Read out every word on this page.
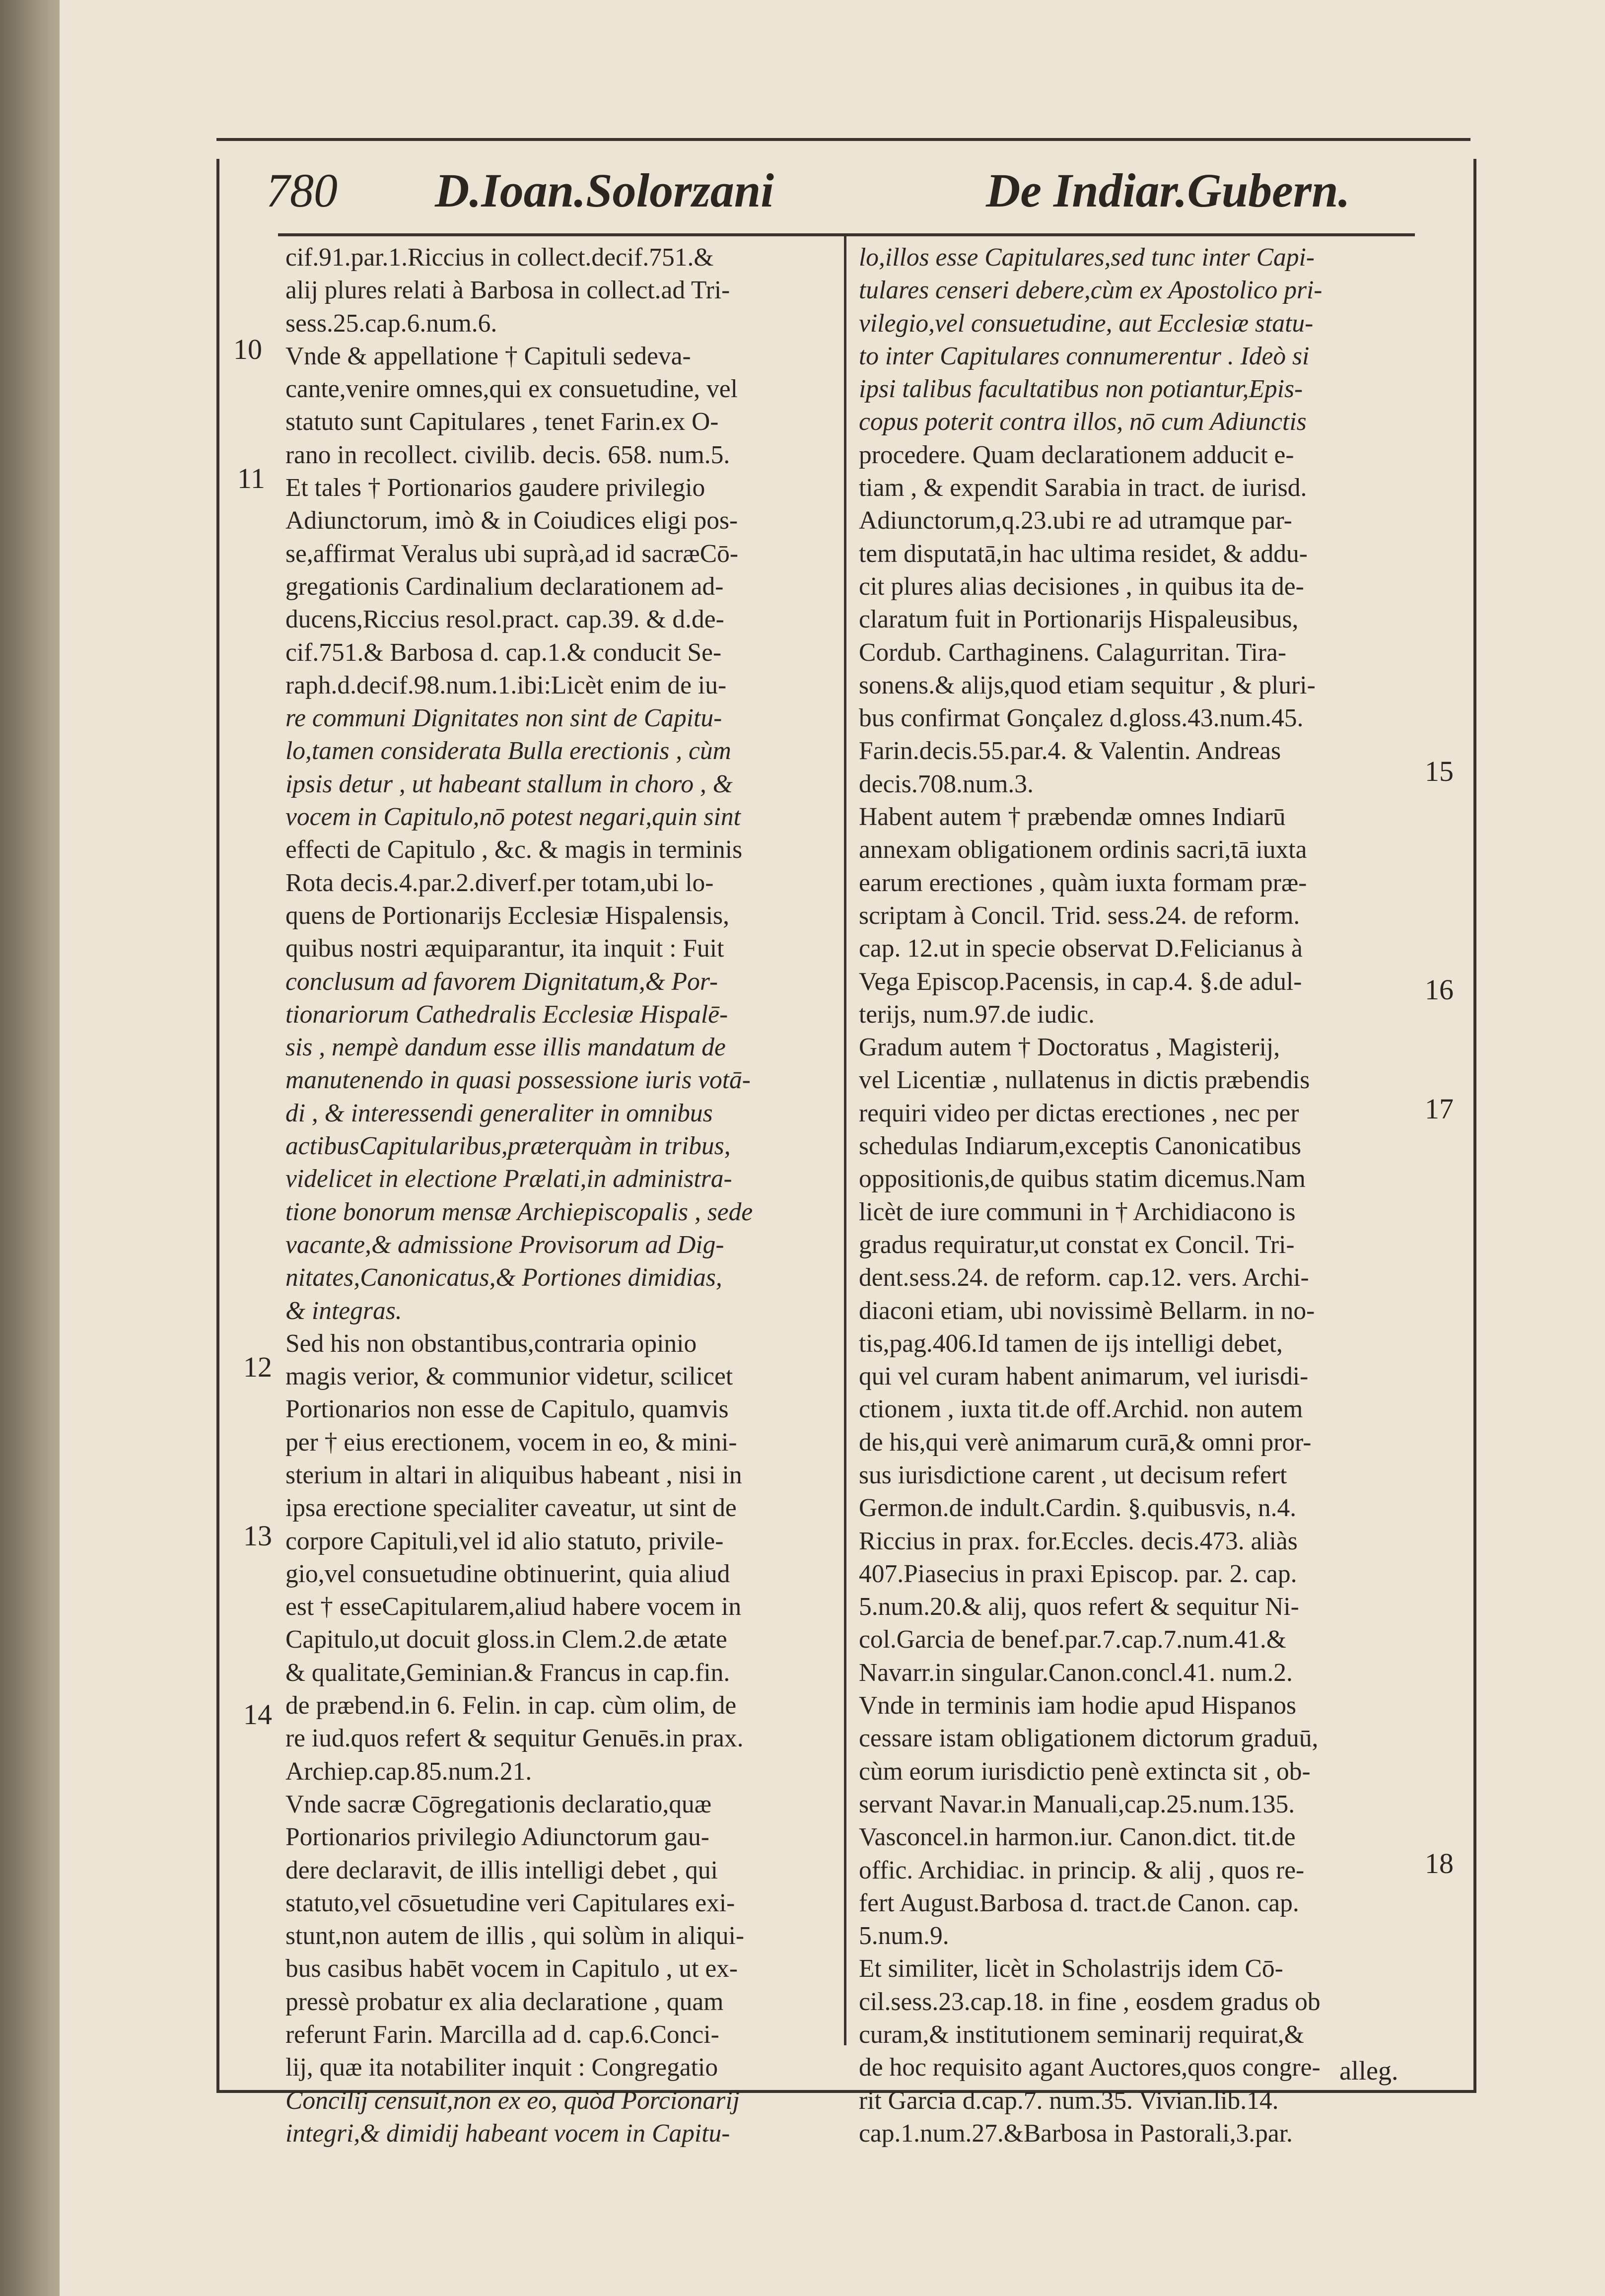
780 D.Ioan.Solorzani	De Indiar.Gubern.
cif.91.par.1.Riccius in collect.decif.751.&
alij plures relati à Barbosa in collect.ad Tri-
sess.25.cap.6.num.6.
Vnde & appellatione † Capituli sedeva-
cante,venire omnes,qui ex consuetudine, vel
statuto sunt Capitulares , tenet Farin.ex O-
rano in recollect. civilib. decis. 658. num.5.
Et tales † Portionarios gaudere privilegio
Adiunctorum, imò & in Coiudices eligi pos-
se,affirmat Veralus ubi suprà,ad id sacræCō-
gregationis Cardinalium declarationem ad-
ducens,Riccius resol.pract. cap.39. & d.de-
cif.751.& Barbosa d. cap.1.& conducit Se-
raph.d.decif.98.num.1.ibi:Licèt enim de iu-
re communi Dignitates non sint de Capitu-
lo,tamen considerata Bulla erectionis , cùm
ipsis detur , ut habeant stallum in choro , &
vocem in Capitulo,nō potest negari,quin sint
effecti de Capitulo , &c. & magis in terminis
Rota decis.4.par.2.diverf.per totam,ubi lo-
quens de Portionarijs Ecclesiæ Hispalensis,
quibus nostri æquiparantur, ita inquit : Fuit
conclusum ad favorem Dignitatum,& Por-
tionariorum Cathedralis Ecclesiæ Hispalē-
sis , nempè dandum esse illis mandatum de
manutenendo in quasi possessione iuris votā-
di , & interessendi generaliter in omnibus
actibusCapitularibus,præterquàm in tribus,
videlicet in electione Prælati,in administra-
tione bonorum mensæ Archiepiscopalis , sede
vacante,& admissione Provisorum ad Dig-
nitates,Canonicatus,& Portiones dimidias,
& integras.
Sed his non obstantibus,contraria opinio
magis verior, & communior videtur, scilicet
Portionarios non esse de Capitulo, quamvis
per † eius erectionem, vocem in eo, & mini-
sterium in altari in aliquibus habeant , nisi in
ipsa erectione specialiter caveatur, ut sint de
corpore Capituli,vel id alio statuto, privile-
gio,vel consuetudine obtinuerint, quia aliud
est † esseCapitularem,aliud habere vocem in
Capitulo,ut docuit gloss.in Clem.2.de ætate
& qualitate,Geminian.& Francus in cap.fin.
de præbend.in 6. Felin. in cap. cùm olim, de
re iud.quos refert & sequitur Genuēs.in prax.
Archiep.cap.85.num.21.
Vnde sacræ Cōgregationis declaratio,quæ
Portionarios privilegio Adiunctorum gau-
dere declaravit, de illis intelligi debet , qui
statuto,vel cōsuetudine veri Capitulares exi-
stunt,non autem de illis , qui solùm in aliqui-
bus casibus habēt vocem in Capitulo , ut ex-
pressè probatur ex alia declaratione , quam
referunt Farin. Marcilla ad d. cap.6.Conci-
lij, quæ ita notabiliter inquit : Congregatio
Concilij censuit,non ex eo, quòd Porcionarij
integri,& dimidij habeant vocem in Capitu-
lo,illos esse Capitulares,sed tunc inter Capi-
tulares censeri debere,cùm ex Apostolico pri-
vilegio,vel consuetudine, aut Ecclesiæ statu-
to inter Capitulares connumerentur . Ideò si
ipsi talibus facultatibus non potiantur,Epis-
copus poterit contra illos, nō cum Adiunctis
procedere. Quam declarationem adducit e-
tiam , & expendit Sarabia in tract. de iurisd.
Adiunctorum,q.23.ubi re ad utramque par-
tem disputatā,in hac ultima residet, & addu-
cit plures alias decisiones , in quibus ita de-
claratum fuit in Portionarijs Hispaleusibus,
Cordub. Carthaginens. Calagurritan. Tira-
sonens.& alijs,quod etiam sequitur , & pluri-
bus confirmat Gonçalez d.gloss.43.num.45.
Farin.decis.55.par.4. & Valentin. Andreas
decis.708.num.3.
Habent autem † præbendæ omnes Indiarū
annexam obligationem ordinis sacri,tā iuxta
earum erectiones , quàm iuxta formam præ-
scriptam à Concil. Trid. sess.24. de reform.
cap. 12.ut in specie observat D.Felicianus à
Vega Episcop.Pacensis, in cap.4. §.de adul-
terijs, num.97.de iudic.
Gradum autem † Doctoratus , Magisterij,
vel Licentiæ , nullatenus in dictis præbendis
requiri video per dictas erectiones , nec per
schedulas Indiarum,exceptis Canonicatibus
oppositionis,de quibus statim dicemus.Nam
licèt de iure communi in † Archidiacono is
gradus requiratur,ut constat ex Concil. Tri-
dent.sess.24. de reform. cap.12. vers. Archi-
diaconi etiam, ubi novissimè Bellarm. in no-
tis,pag.406.Id tamen de ijs intelligi debet,
qui vel curam habent animarum, vel iurisdi-
ctionem , iuxta tit.de off.Archid. non autem
de his,qui verè animarum curā,& omni pror-
sus iurisdictione carent , ut decisum refert
Germon.de indult.Cardin. §.quibusvis, n.4.
Riccius in prax. for.Eccles. decis.473. aliàs
407.Piasecius in praxi Episcop. par. 2. cap.
5.num.20.& alij, quos refert & sequitur Ni-
col.Garcia de benef.par.7.cap.7.num.41.&
Navarr.in singular.Canon.concl.41. num.2.
Vnde in terminis iam hodie apud Hispanos
cessare istam obligationem dictorum graduū,
cùm eorum iurisdictio penè extincta sit , ob-
servant Navar.in Manuali,cap.25.num.135.
Vasconcel.in harmon.iur. Canon.dict. tit.de
offic. Archidiac. in princip. & alij , quos re-
fert August.Barbosa d. tract.de Canon. cap.
5.num.9.
Et similiter, licèt in Scholastrijs idem Cō-
cil.sess.23.cap.18. in fine , eosdem gradus ob
curam,& institutionem seminarij requirat,&
de hoc requisito agant Auctores,quos congre-
rit Garcia d.cap.7. num.35. Vivian.lib.14.
cap.1.num.27.&Barbosa in Pastorali,3.par.
10
11
12
13
14
15
16
17
18
alleg.
